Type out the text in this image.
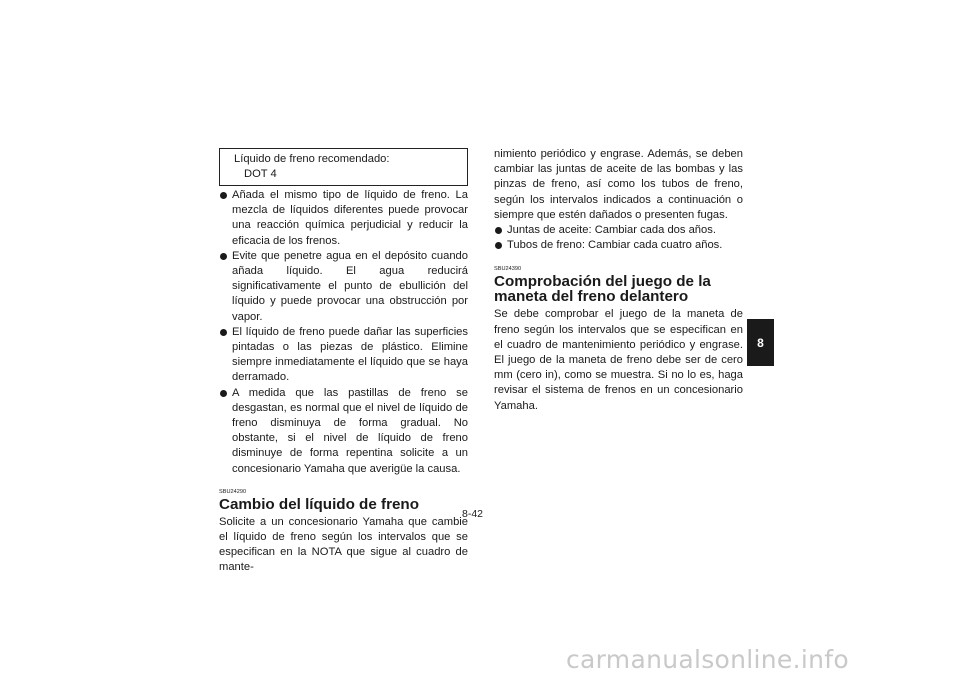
Líquido de freno recomendado:
DOT 4
Añada el mismo tipo de líquido de freno. La mezcla de líquidos diferentes puede provocar una reacción química perjudicial y reducir la eficacia de los frenos.
Evite que penetre agua en el depósito cuando añada líquido. El agua reducirá significativamente el punto de ebullición del líquido y puede provocar una obstrucción por vapor.
El líquido de freno puede dañar las superficies pintadas o las piezas de plástico. Elimine siempre inmediatamente el líquido que se haya derramado.
A medida que las pastillas de freno se desgastan, es normal que el nivel de líquido de freno disminuya de forma gradual. No obstante, si el nivel de líquido de freno disminuye de forma repentina solicite a un concesionario Yamaha que averigüe la causa.
SBU24290
Cambio del líquido de freno

Solicite a un concesionario Yamaha que cambie el líquido de freno según los intervalos que se especifican en la NOTA que sigue al cuadro de mante-

nimiento periódico y engrase. Además, se deben cambiar las juntas de aceite de las bombas y las pinzas de freno, así como los tubos de freno, según los intervalos indicados a continuación o siempre que estén dañados o presenten fugas.

Juntas de aceite: Cambiar cada dos años.
Tubos de freno: Cambiar cada cuatro años.
SBU24390
Comprobación del juego de la maneta del freno delantero

Se debe comprobar el juego de la maneta de freno según los intervalos que se especifican en el cuadro de mantenimiento periódico y engrase. El juego de la maneta de freno debe ser de cero mm (cero in), como se muestra. Si no lo es, haga revisar el sistema de frenos en un concesionario Yamaha.

8-42
8
carmanualsonline.info
